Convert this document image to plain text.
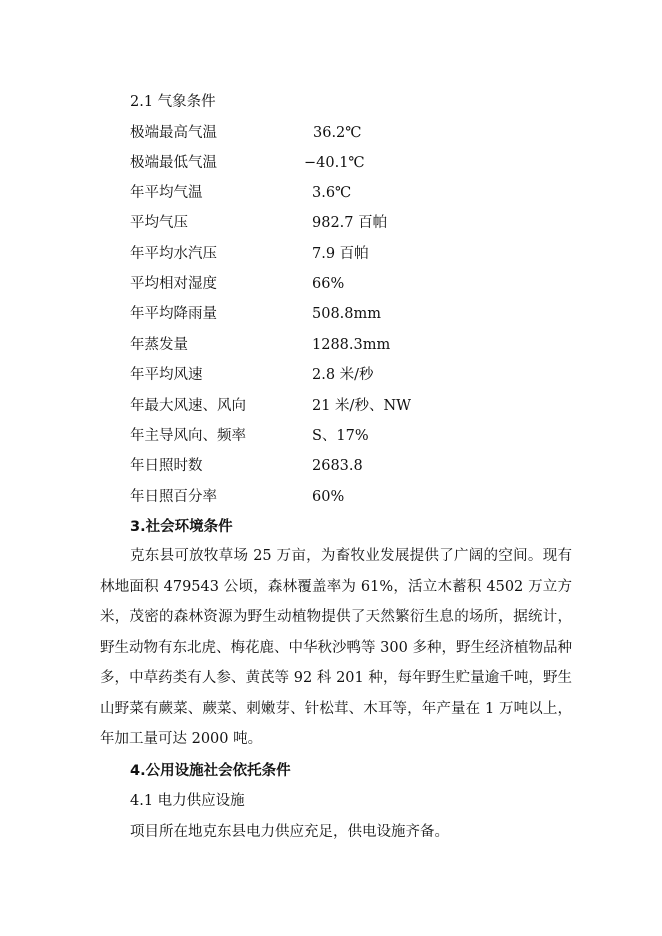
2.1 气象条件
极端最高气温	36.2℃
极端最低气温	−40.1℃
年平均气温	3.6℃
平均气压	982.7 百帕
年平均水汽压	7.9 百帕
平均相对湿度	66%
年平均降雨量	508.8mm
年蒸发量	1288.3mm
年平均风速	2.8 米/秒
年最大风速、风向	21 米/秒、NW
年主导风向、频率	S、17%
年日照时数	2683.8
年日照百分率	60%
3.社会环境条件
克东县可放牧草场 25 万亩，为畜牧业发展提供了广阔的空间。现有林地面积 479543 公顷，森林覆盖率为 61%，活立木蓄积 4502 万立方米，茂密的森林资源为野生动植物提供了天然繁衍生息的场所，据统计，野生动物有东北虎、梅花鹿、中华秋沙鸭等 300 多种，野生经济植物品种多，中草药类有人参、黄芪等 92 科 201 种，每年野生贮量逾千吨，野生山野菜有蕨菜、蕨菜、刺嫩芽、针松茸、木耳等，年产量在 1 万吨以上，年加工量可达 2000 吨。
4.公用设施社会依托条件
4.1 电力供应设施
项目所在地克东县电力供应充足，供电设施齐备。
